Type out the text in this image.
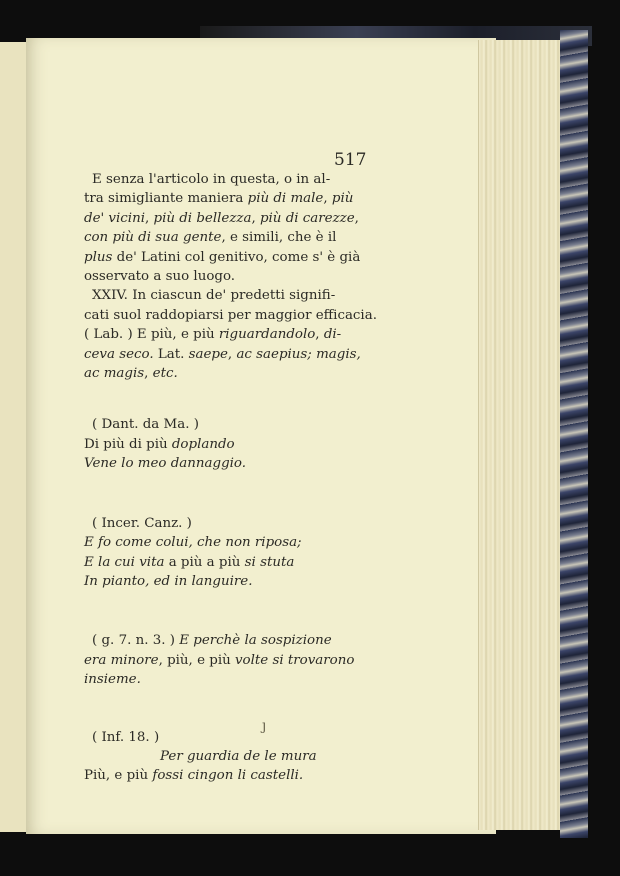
517
E senza l'articolo in questa, o in al-
tra simigliante maniera più di male, più
de' vicini, più di bellezza, più di carezze,
con più di sua gente, e simili, che è il
plus de' Latini col genitivo, come s' è già
osservato a suo luogo.
XXIV. In ciascun de' predetti signifi-
cati suol raddopiarsi per maggior efficacia.
( Lab. ) E più, e più riguardandolo, di-
ceva seco. Lat. saepe, ac saepius; magis,
ac magis, etc.
( Dant. da Ma. )
Di più di più doplando
Vene lo meo dannaggio.
( Incer. Canz. )
E fo come colui, che non riposa;
E la cui vita a più a più si stuta
In pianto, ed in languire.
( g. 7. n. 3. ) E perchè la sospizione
era minore, più, e più volte si trovarono
insieme.
( Inf. 18. )
Per guardia de le mura
Più, e più fossi cingon li castelli.
ȷ
